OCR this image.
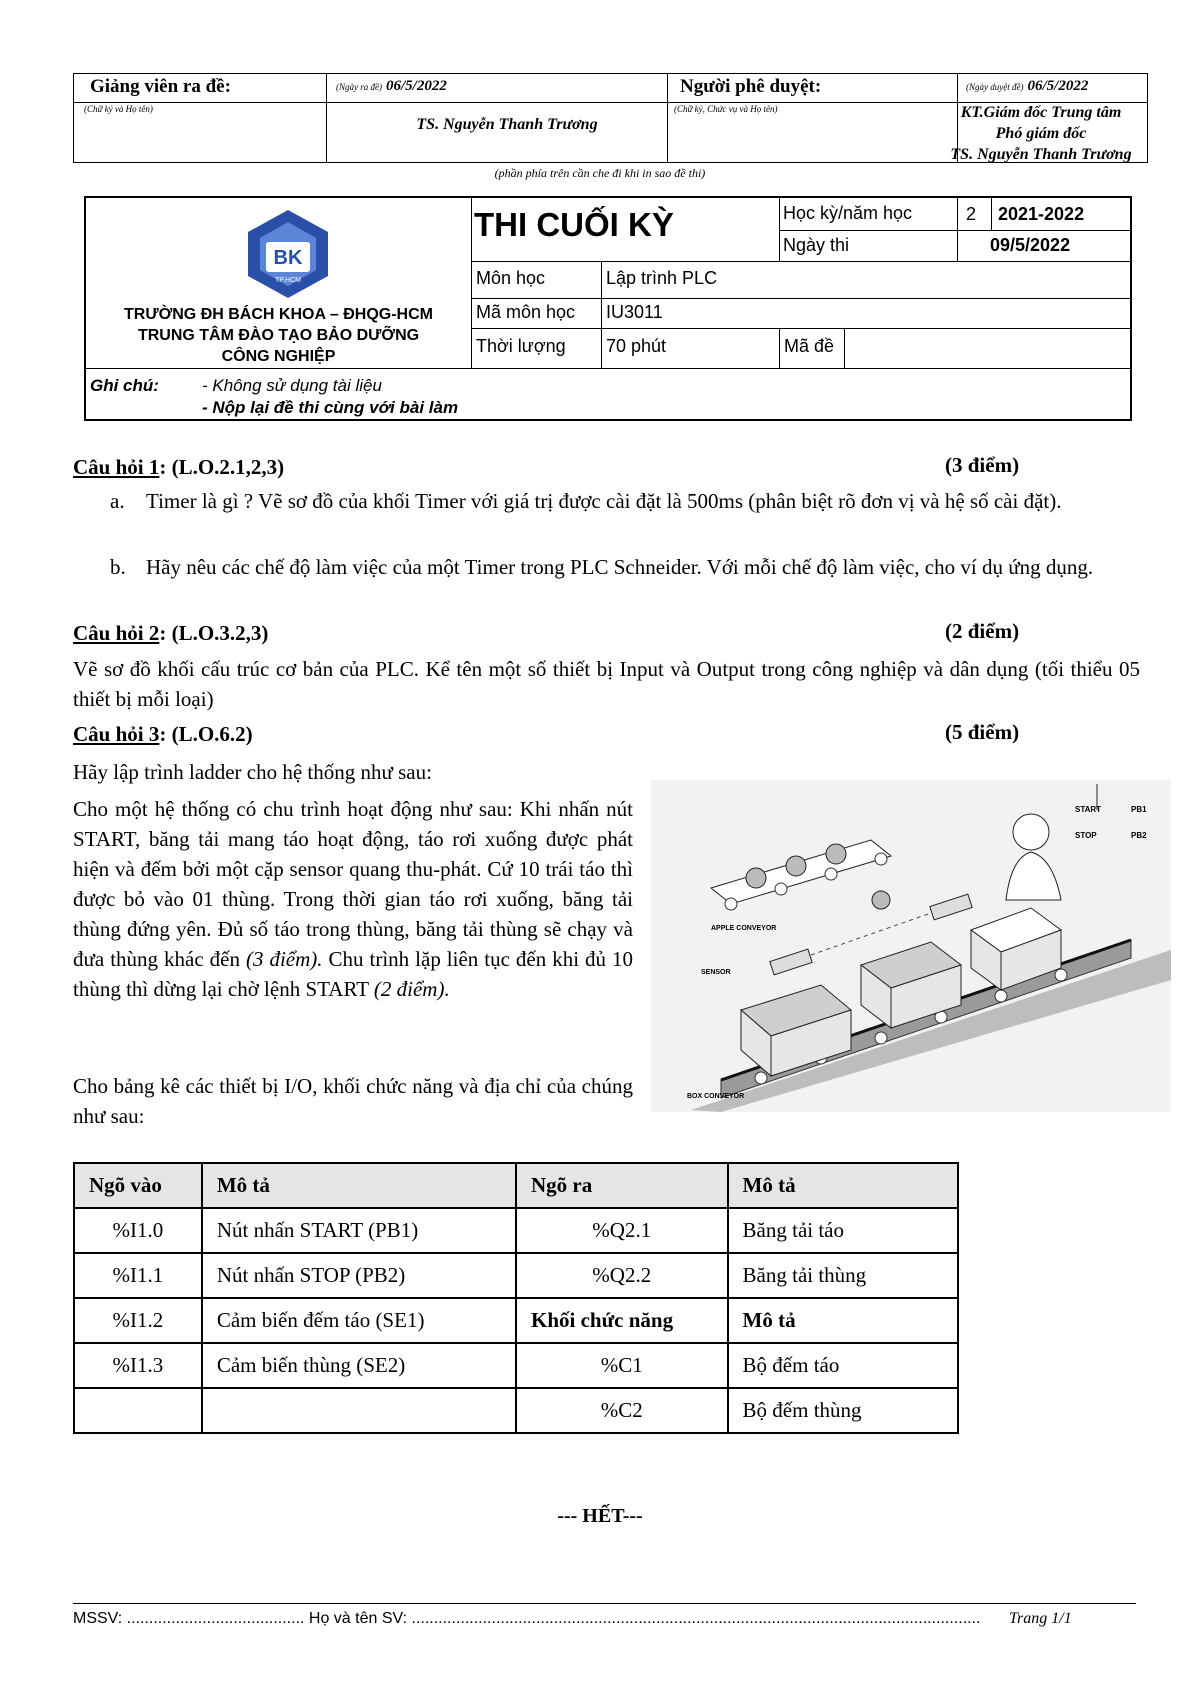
Giảng viên ra đề:
(Chữ ký và Họ tên)
(Ngày ra đề) 06/5/2022
TS. Nguyễn Thanh Trương
Người phê duyệt:
(Chữ ký, Chức vụ và Họ tên)
(Ngày duyệt đề) 06/5/2022
KT.Giám đốc Trung tâm
Phó giám đốc
TS. Nguyễn Thanh Trương
(phần phía trên cần che đi khi in sao đề thi)
BK
TP.HCM
TRƯỜNG ĐH BÁCH KHOA – ĐHQG-HCM
TRUNG TÂM ĐÀO TẠO BẢO DƯỠNG
CÔNG NGHIỆP
THI CUỐI KỲ	Học kỳ/năm học	2 2021-2022
Ngày thi	09/5/2022
Môn học	Lập trình PLC
Mã môn học IU3011
Thời lượng 70 phút	Mã đề
Ghi chú:	- Không sử dụng tài liệu
- Nộp lại đề thi cùng với bài làm
Câu hỏi 1: (L.O.2.1,2,3)	(3 điểm)
a. Timer là gì ? Vẽ sơ đồ của khối Timer với giá trị được cài đặt là 500ms (phân biệt rõ đơn vị và hệ số cài đặt).
b. Hãy nêu các chế độ làm việc của một Timer trong PLC Schneider. Với mỗi chế độ làm việc, cho ví dụ ứng dụng.
Câu hỏi 2: (L.O.3.2,3)	(2 điểm)
Vẽ sơ đồ khối cấu trúc cơ bản của PLC. Kể tên một số thiết bị Input và Output trong công nghiệp và dân dụng (tối thiểu 05 thiết bị mỗi loại)
Câu hỏi 3: (L.O.6.2)	(5 điểm)
Hãy lập trình ladder cho hệ thống như sau:
Cho một hệ thống có chu trình hoạt động như sau: Khi nhấn nút START, băng tải mang táo hoạt động, táo rơi xuống được phát hiện và đếm bởi một cặp sensor quang thu-phát. Cứ 10 trái táo thì được bỏ vào 01 thùng. Trong thời gian táo rơi xuống, băng tải thùng đứng yên. Đủ số táo trong thùng, băng tải thùng sẽ chạy và đưa thùng khác đến (3 điểm). Chu trình lặp liên tục đến khi đủ 10 thùng thì dừng lại chờ lệnh START (2 điểm).
Cho bảng kê các thiết bị I/O, khối chức năng và địa chỉ của chúng như sau:
START	PB1
STOP	PB2
APPLE CONVEYOR
SENSOR
BOX CONVEYOR
Ngõ vào	Mô tả	Ngõ ra	Mô tả
%I1.0	Nút nhấn START (PB1)	%Q2.1	Băng tải táo
%I1.1	Nút nhấn STOP (PB2)	%Q2.2	Băng tải thùng
%I1.2	Cảm biến đếm táo (SE1)	Khối chức năng	Mô tả
%I1.3	Cảm biến thùng (SE2)	%C1	Bộ đếm táo
		%C2	Bộ đếm thùng
--- HẾT---
MSSV: ........................................ Họ và tên SV: ................................................................................................................................ Trang 1/1
